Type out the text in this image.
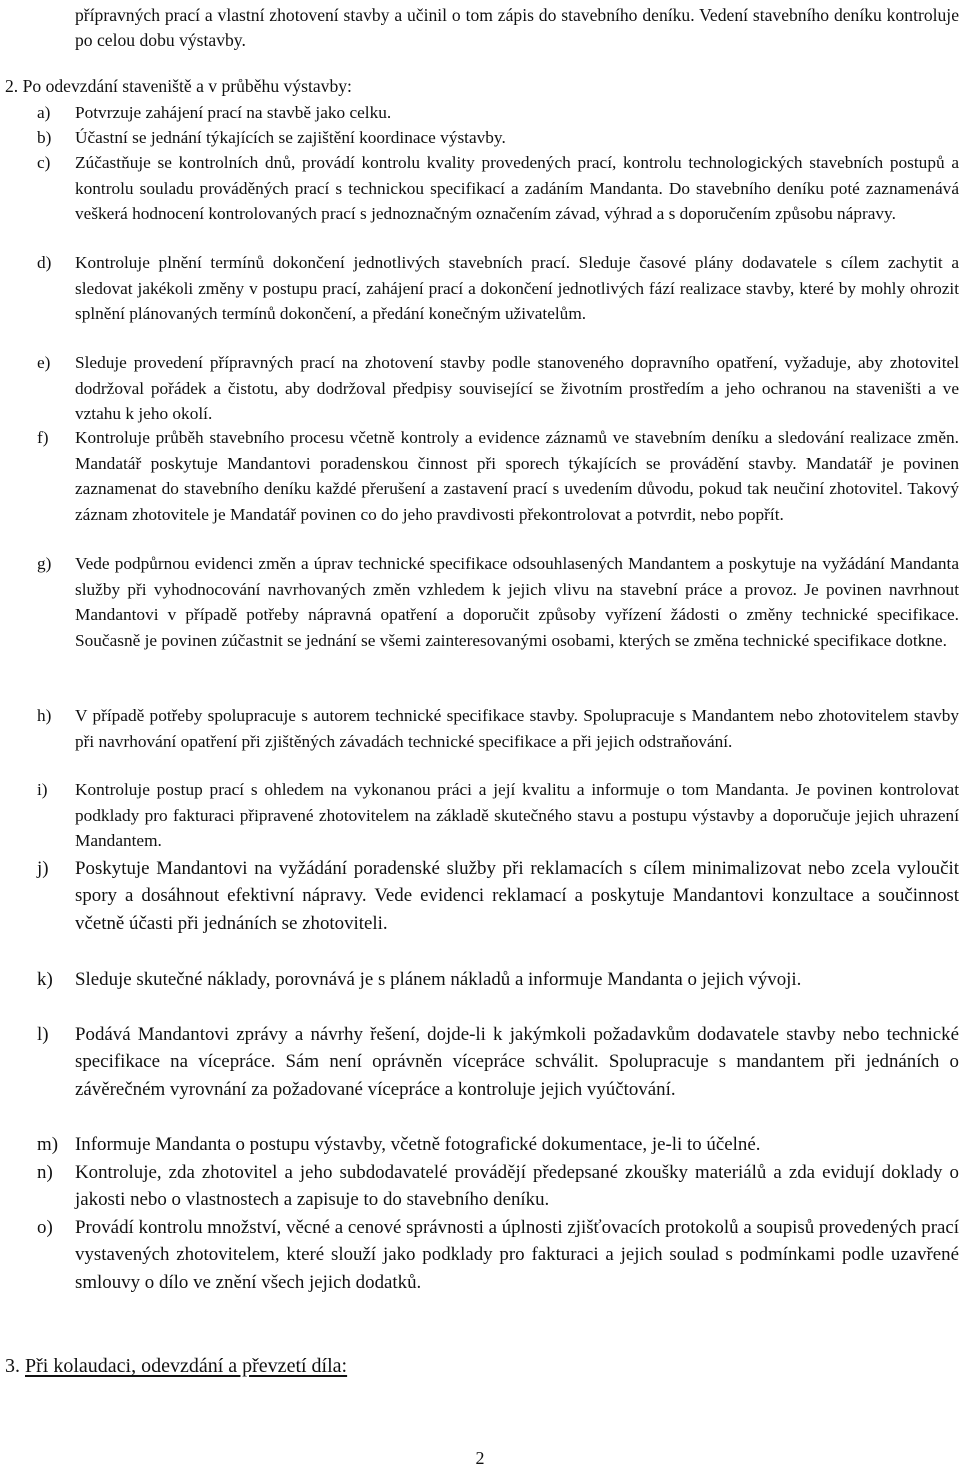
přípravných prací a vlastní zhotovení stavby a učinil o tom zápis do stavebního deníku. Vedení stavebního deníku kontroluje po celou dobu výstavby.
2. Po odevzdání staveniště a v průběhu výstavby:
a) Potvrzuje zahájení prací na stavbě jako celku.
b) Účastní se jednání týkajících se zajištění koordinace výstavby.
c) Zúčastňuje se kontrolních dnů, provádí kontrolu kvality provedených prací, kontrolu technologických stavebních postupů a kontrolu souladu prováděných prací s technickou specifikací a zadáním Mandanta. Do stavebního deníku poté zaznamenává veškerá hodnocení kontrolovaných prací s jednoznačným označením závad, výhrad a s doporučením způsobu nápravy.
d) Kontroluje plnění termínů dokončení jednotlivých stavebních prací. Sleduje časové plány dodavatele s cílem zachytit a sledovat jakékoli změny v postupu prací, zahájení prací a dokončení jednotlivých fází realizace stavby, které by mohly ohrozit splnění plánovaných termínů dokončení, a předání konečným uživatelům.
e) Sleduje provedení přípravných prací na zhotovení stavby podle stanoveného dopravního opatření, vyžaduje, aby zhotovitel dodržoval pořádek a čistotu, aby dodržoval předpisy související se životním prostředím a jeho ochranou na staveništi a ve vztahu k jeho okolí.
f) Kontroluje průběh stavebního procesu včetně kontroly a evidence záznamů ve stavebním deníku a sledování realizace změn. Mandatář poskytuje Mandantovi poradenskou činnost při sporech týkajících se provádění stavby. Mandatář je povinen zaznamenat do stavebního deníku každé přerušení a zastavení prací s uvedením důvodu, pokud tak neučiní zhotovitel. Takový záznam zhotovitele je Mandatář povinen co do jeho pravdivosti překontrolovat a potvrdit, nebo popřít.
g) Vede podpůrnou evidenci změn a úprav technické specifikace odsouhlasených Mandantem a poskytuje na vyžádání Mandanta služby při vyhodnocování navrhovaných změn vzhledem k jejich vlivu na stavební práce a provoz. Je povinen navrhnout Mandantovi v případě potřeby nápravná opatření a doporučit způsoby vyřízení žádosti o změny technické specifikace. Současně je povinen zúčastnit se jednání se všemi zainteresovanými osobami, kterých se změna technické specifikace dotkne.
h) V případě potřeby spolupracuje s autorem technické specifikace stavby. Spolupracuje s Mandantem nebo zhotovitelem stavby při navrhování opatření při zjištěných závadách technické specifikace a při jejich odstraňování.
i) Kontroluje postup prací s ohledem na vykonanou práci a její kvalitu a informuje o tom Mandanta. Je povinen kontrolovat podklady pro fakturaci připravené zhotovitelem na základě skutečného stavu a postupu výstavby a doporučuje jejich uhrazení Mandantem.
j) Poskytuje Mandantovi na vyžádání poradenské služby při reklamacích s cílem minimalizovat nebo zcela vyloučit spory a dosáhnout efektivní nápravy. Vede evidenci reklamací a poskytuje Mandantovi konzultace a součinnost včetně účasti při jednáních se zhotoviteli.
k) Sleduje skutečné náklady, porovnává je s plánem nákladů a informuje Mandanta o jejich vývoji.
l) Podává Mandantovi zprávy a návrhy řešení, dojde-li k jakýmkoli požadavkům dodavatele stavby nebo technické specifikace na vícepráce. Sám není oprávněn vícepráce schválit. Spolupracuje s mandantem při jednáních o závěrečném vyrovnání za požadované vícepráce a kontroluje jejich vyúčtování.
m) Informuje Mandanta o postupu výstavby, včetně fotografické dokumentace, je-li to účelné.
n) Kontroluje, zda zhotovitel a jeho subdodavatelé provádějí předepsané zkoušky materiálů a zda evidují doklady o jakosti nebo o vlastnostech a zapisuje to do stavebního deníku.
o) Provádí kontrolu množství, věcné a cenové správnosti a úplnosti zjišťovacích protokolů a soupisů provedených prací vystavených zhotovitelem, které slouží jako podklady pro fakturaci a jejich soulad s podmínkami podle uzavřené smlouvy o dílo ve znění všech jejich dodatků.
3. Při kolaudaci, odevzdání a převzetí díla:
2
